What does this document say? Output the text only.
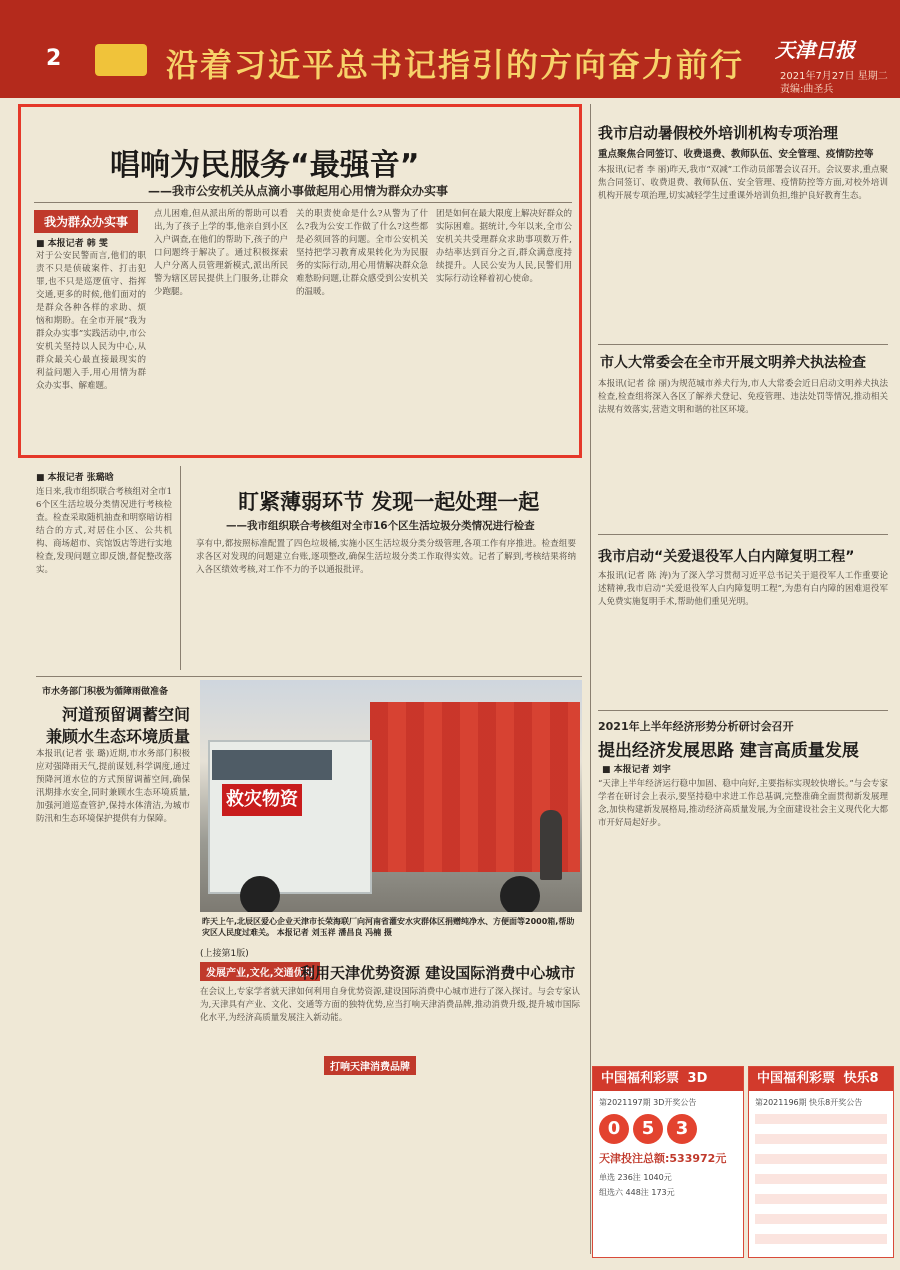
2	沿着习近平总书记指引的方向奋力前行 天津日报
2021年7月27日 星期二
责编:曲圣兵
唱响为民服务“最强音”
——我市公安机关从点滴小事做起用心用情为群众办实事
我为群众办实事
■ 本报记者 韩 雯
对于公安民警而言,他们的职责不只是侦破案件、打击犯罪,也不只是巡逻值守、指挥交通,更多的时候,他们面对的是群众各种各样的求助、烦恼和期盼。在全市开展“我为群众办实事”实践活动中,市公安机关坚持以人民为中心,从群众最关心最直接最现实的利益问题入手,用心用情为群众办实事、解难题。
点儿困难,但从派出所的帮助可以看出,为了孩子上学的事,他亲自到小区入户调查,在他们的帮助下,孩子的户口问题终于解决了。通过积极探索人户分离人员管理新模式,派出所民警为辖区居民提供上门服务,让群众少跑腿。
关的职责使命是什么?从警为了什么?我为公安工作做了什么?这些都是必须回答的问题。全市公安机关坚持把学习教育成果转化为为民服务的实际行动,用心用情解决群众急难愁盼问题,让群众感受到公安机关的温暖。
团是如何在最大限度上解决好群众的实际困难。据统计,今年以来,全市公安机关共受理群众求助事项数万件,办结率达到百分之百,群众满意度持续提升。人民公安为人民,民警们用实际行动诠释着初心使命。
■ 本报记者 张璐晗
连日来,我市组织联合考核组对全市16个区生活垃圾分类情况进行考核检查。检查采取随机抽查和明察暗访相结合的方式,对居住小区、公共机构、商场超市、宾馆饭店等进行实地检查,发现问题立即反馈,督促整改落实。
盯紧薄弱环节 发现一起处理一起
——我市组织联合考核组对全市16个区生活垃圾分类情况进行检查
享有中,都按照标准配置了四色垃圾桶,实施小区生活垃圾分类分级管理,各项工作有序推进。检查组要求各区对发现的问题建立台账,逐项整改,确保生活垃圾分类工作取得实效。记者了解到,考核结果将纳入各区绩效考核,对工作不力的予以通报批评。
市水务部门积极为循障雨做准备
河道预留调蓄空间
兼顾水生态环境质量
本报讯(记者 张 璐)近期,市水务部门积极应对强降雨天气,提前谋划,科学调度,通过预降河道水位的方式预留调蓄空间,确保汛期排水安全,同时兼顾水生态环境质量,加强河道巡查管护,保持水体清洁,为城市防汛和生态环境保护提供有力保障。
救灾物资
昨天上午,北辰区爱心企业天津市长荣海联厂向河南省灌安水灾群体区捐赠纯净水、方便面等2000箱,帮助灾区人民度过难关。 本报记者 刘玉祥 潘昌良 冯楠 摄
(上接第1版)
发展产业,文化,交通优势
利用天津优势资源 建设国际消费中心城市
打响天津消费品牌
在会议上,专家学者就天津如何利用自身优势资源,建设国际消费中心城市进行了深入探讨。与会专家认为,天津具有产业、文化、交通等方面的独特优势,应当打响天津消费品牌,推动消费升级,提升城市国际化水平,为经济高质量发展注入新动能。
我市启动暑假校外培训机构专项治理
重点聚焦合同签订、收费退费、教师队伍、安全管理、疫情防控等
本报讯(记者 李 丽)昨天,我市“双减”工作动员部署会议召开。会议要求,重点聚焦合同签订、收费退费、教师队伍、安全管理、疫情防控等方面,对校外培训机构开展专项治理,切实减轻学生过重课外培训负担,维护良好教育生态。
市人大常委会在全市开展文明养犬执法检查
本报讯(记者 徐 丽)为规范城市养犬行为,市人大常委会近日启动文明养犬执法检查,检查组将深入各区了解养犬登记、免疫管理、违法处罚等情况,推动相关法规有效落实,营造文明和谐的社区环境。
我市启动“关爱退役军人白内障复明工程”
本报讯(记者 陈 涛)为了深入学习贯彻习近平总书记关于退役军人工作重要论述精神,我市启动“关爱退役军人白内障复明工程”,为患有白内障的困难退役军人免费实施复明手术,帮助他们重见光明。
2021年上半年经济形势分析研讨会召开
提出经济发展思路 建言高质量发展
■ 本报记者 刘宇
“天津上半年经济运行稳中加固、稳中向好,主要指标实现较快增长。”与会专家学者在研讨会上表示,要坚持稳中求进工作总基调,完整准确全面贯彻新发展理念,加快构建新发展格局,推动经济高质量发展,为全面建设社会主义现代化大都市开好局起好步。
中国福利彩票 3D
第2021197期 3D开奖公告
0 5 3
天津投注总额:533972元
单选 236注 1040元
组选六 448注 173元
中国福利彩票 快乐8
第2021196期 快乐8开奖公告
